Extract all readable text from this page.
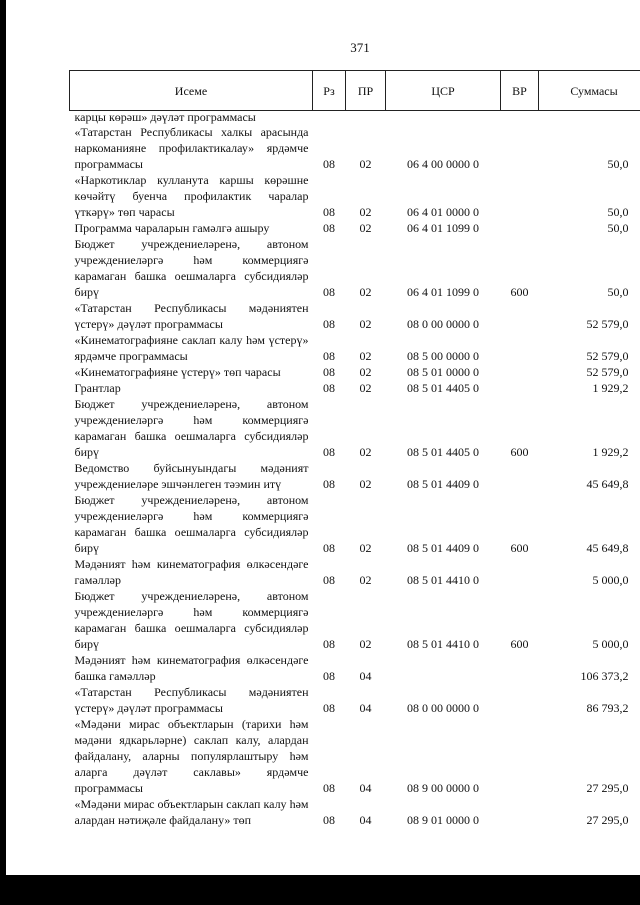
371
Исеме	Рз	ПР	ЦСР	ВР	Суммасы
карцы көрәш» дәүләт программасы					
«Татарстан Республикасы халкы арасында наркоманияне профилактикалау» ярдәмче программасы	08	02	06 4 00 0000 0		50,0
«Наркотиклар кулланута каршы көрәшне көчәйтү буенча профилактик чаралар үткәрү» төп чарасы	08	02	06 4 01 0000 0		50,0
Программа чараларын гамәлгә ашыру	08	02	06 4 01 1099 0		50,0
Бюджет учреждениеләренә, автоном учреждениеләргә һәм коммерциягә карамаган башка оешмаларга субсидияләр бирү	08	02	06 4 01 1099 0	600	50,0
«Татарстан Республикасы мәдәниятен үстерү» дәүләт программасы	08	02	08 0 00 0000 0		52 579,0
«Кинематографияне саклап калу һәм үстерү» ярдәмче программасы	08	02	08 5 00 0000 0		52 579,0
«Кинематографияне үстерү» төп чарасы	08	02	08 5 01 0000 0		52 579,0
Грантлар	08	02	08 5 01 4405 0		1 929,2
Бюджет учреждениеләренә, автоном учреждениеләргә һәм коммерциягә карамаган башка оешмаларга субсидияләр бирү	08	02	08 5 01 4405 0	600	1 929,2
Ведомство буйсынуындагы мәдәният учреждениеләре эшчәнлеген тәэмин итү	08	02	08 5 01 4409 0		45 649,8
Бюджет учреждениеләренә, автоном учреждениеләргә һәм коммерциягә карамаган башка оешмаларга субсидияләр бирү	08	02	08 5 01 4409 0	600	45 649,8
Мәдәният һәм кинематография өлкәсендәге гамәлләр	08	02	08 5 01 4410 0		5 000,0
Бюджет учреждениеләренә, автоном учреждениеләргә һәм коммерциягә карамаган башка оешмаларга субсидияләр бирү	08	02	08 5 01 4410 0	600	5 000,0
Мәдәният һәм кинематография өлкәсендәге башка гамәлләр	08	04			106 373,2
«Татарстан Республикасы мәдәниятен үстерү» дәүләт программасы	08	04	08 0 00 0000 0		86 793,2
«Мәдәни мирас объектларын (тарихи һәм мәдәни ядкарьләрне) саклап калу, алардан файдалану, аларны популярлаштыру һәм аларга дәүләт саклавы» ярдәмче программасы	08	04	08 9 00 0000 0		27 295,0
«Мәдәни мирас объектларын саклап калу һәм алардан нәтиҗәле файдалану» төп	08	04	08 9 01 0000 0		27 295,0
